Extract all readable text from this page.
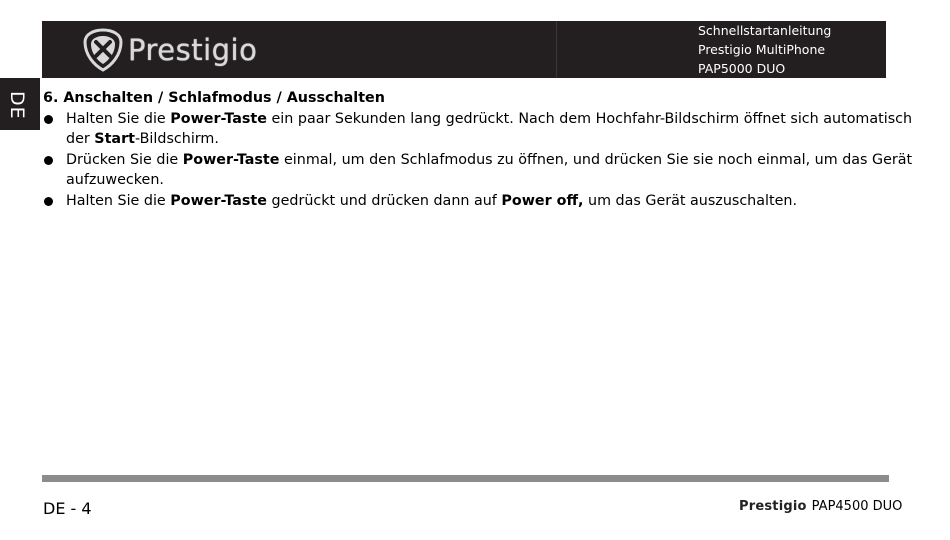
Prestigio
Schnellstartanleitung
Prestigio MultiPhone
PAP5000 DUO
DE 6. Anschalten / Schlafmodus / Ausschalten
Halten Sie die Power-Taste ein paar Sekunden lang gedrückt. Nach dem Hochfahr-Bildschirm öffnet sich automatisch der Start-Bildschirm.
Drücken Sie die Power-Taste einmal, um den Schlafmodus zu öffnen, und drücken Sie sie noch einmal, um das Gerät aufzuwecken.
Halten Sie die Power-Taste gedrückt und drücken dann auf Power off, um das Gerät auszuschalten.
DE - 4	Prestigio PAP4500 DUO
